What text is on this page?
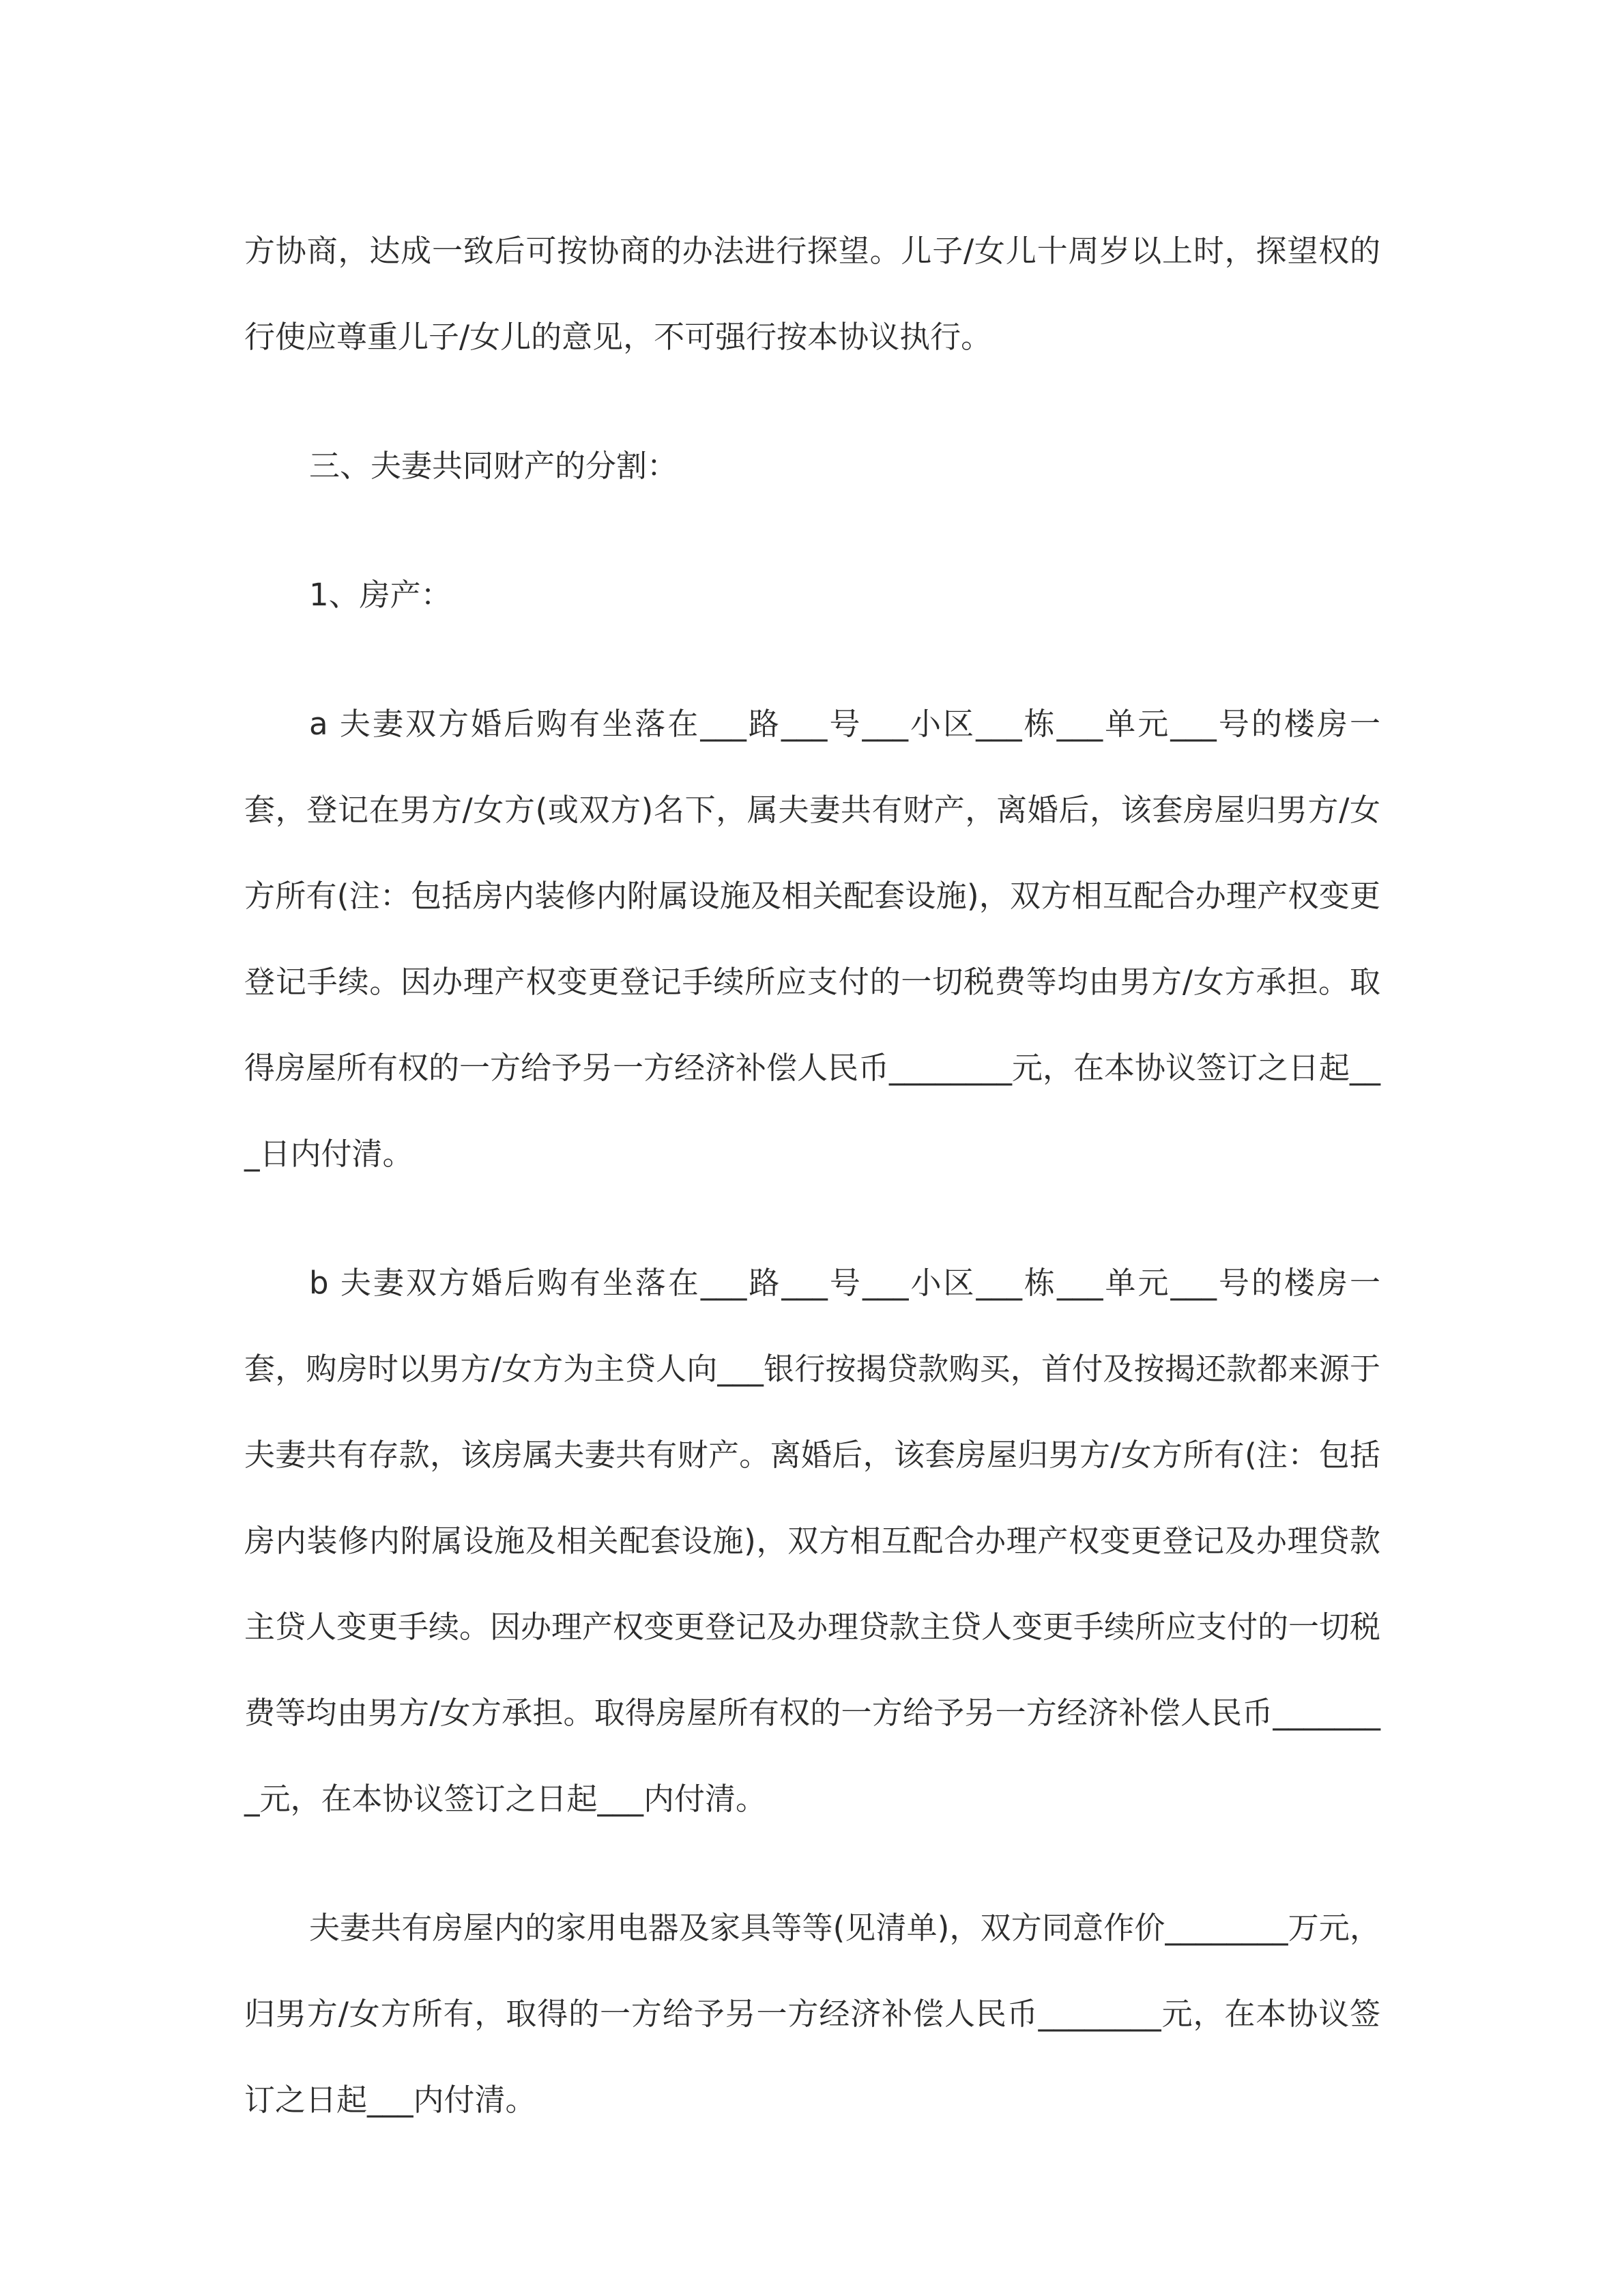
方协商，达成一致后可按协商的办法进行探望。儿子/女儿十周岁以上时，探望权的行使应尊重儿子/女儿的意见，不可强行按本协议执行。

三、夫妻共同财产的分割：

1、房产：

a 夫妻双方婚后购有坐落在___路___号___小区___栋___单元___号的楼房一套，登记在男方/女方(或双方)名下，属夫妻共有财产，离婚后，该套房屋归男方/女方所有(注：包括房内装修内附属设施及相关配套设施)，双方相互配合办理产权变更登记手续。因办理产权变更登记手续所应支付的一切税费等均由男方/女方承担。取得房屋所有权的一方给予另一方经济补偿人民币________元，在本协议签订之日起___日内付清。

b 夫妻双方婚后购有坐落在___路___号___小区___栋___单元___号的楼房一套，购房时以男方/女方为主贷人向___银行按揭贷款购买，首付及按揭还款都来源于夫妻共有存款，该房属夫妻共有财产。离婚后，该套房屋归男方/女方所有(注：包括房内装修内附属设施及相关配套设施)，双方相互配合办理产权变更登记及办理贷款主贷人变更手续。因办理产权变更登记及办理贷款主贷人变更手续所应支付的一切税费等均由男方/女方承担。取得房屋所有权的一方给予另一方经济补偿人民币________元，在本协议签订之日起___内付清。

夫妻共有房屋内的家用电器及家具等等(见清单)，双方同意作价________万元，归男方/女方所有，取得的一方给予另一方经济补偿人民币________元，在本协议签订之日起___内付清。
